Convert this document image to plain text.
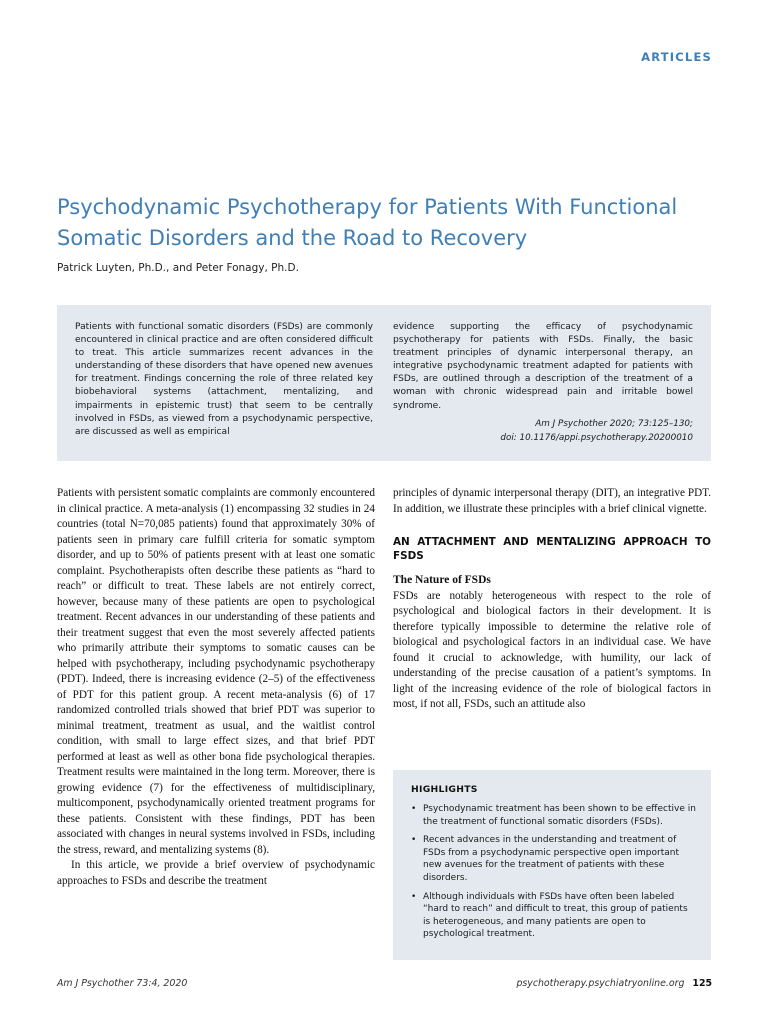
ARTICLES
Psychodynamic Psychotherapy for Patients With Functional Somatic Disorders and the Road to Recovery
Patrick Luyten, Ph.D., and Peter Fonagy, Ph.D.

Patients with functional somatic disorders (FSDs) are commonly encountered in clinical practice and are often considered difficult to treat. This article summarizes recent advances in the understanding of these disorders that have opened new avenues for treatment. Findings concerning the role of three related key biobehavioral systems (attachment, mentalizing, and impairments in epistemic trust) that seem to be centrally involved in FSDs, as viewed from a psychodynamic perspective, are discussed as well as empirical

evidence supporting the efficacy of psychodynamic psychotherapy for patients with FSDs. Finally, the basic treatment principles of dynamic interpersonal therapy, an integrative psychodynamic treatment adapted for patients with FSDs, are outlined through a description of the treatment of a woman with chronic widespread pain and irritable bowel syndrome.

Am J Psychother 2020; 73:125–130;
doi: 10.1176/appi.psychotherapy.20200010

Patients with persistent somatic complaints are commonly encountered in clinical practice. A meta-analysis (1) encompassing 32 studies in 24 countries (total N=70,085 patients) found that approximately 30% of patients seen in primary care fulfill criteria for somatic symptom disorder, and up to 50% of patients present with at least one somatic complaint. Psychotherapists often describe these patients as “hard to reach” or difficult to treat. These labels are not entirely correct, however, because many of these patients are open to psychological treatment. Recent advances in our understanding of these patients and their treatment suggest that even the most severely affected patients who primarily attribute their symptoms to somatic causes can be helped with psychotherapy, including psychodynamic psychotherapy (PDT). Indeed, there is increasing evidence (2–5) of the effectiveness of PDT for this patient group. A recent meta-analysis (6) of 17 randomized controlled trials showed that brief PDT was superior to minimal treatment, treatment as usual, and the waitlist control condition, with small to large effect sizes, and that brief PDT performed at least as well as other bona fide psychological therapies. Treatment results were maintained in the long term. Moreover, there is growing evidence (7) for the effectiveness of multidisciplinary, multicomponent, psychodynamically oriented treatment programs for these patients. Consistent with these findings, PDT has been associated with changes in neural systems involved in FSDs, including the stress, reward, and mentalizing systems (8).

In this article, we provide a brief overview of psychodynamic approaches to FSDs and describe the treatment

principles of dynamic interpersonal therapy (DIT), an integrative PDT. In addition, we illustrate these principles with a brief clinical vignette.

AN ATTACHMENT AND MENTALIZING APPROACH TO FSDS
The Nature of FSDs

FSDs are notably heterogeneous with respect to the role of psychological and biological factors in their development. It is therefore typically impossible to determine the relative role of biological and psychological factors in an individual case. We have found it crucial to acknowledge, with humility, our lack of understanding of the precise causation of a patient’s symptoms. In light of the increasing evidence of the role of biological factors in most, if not all, FSDs, such an attitude also

HIGHLIGHTS
• Psychodynamic treatment has been shown to be effective in the treatment of functional somatic disorders (FSDs).
• Recent advances in the understanding and treatment of FSDs from a psychodynamic perspective open important new avenues for the treatment of patients with these disorders.
• Although individuals with FSDs have often been labeled “hard to reach” and difficult to treat, this group of patients is heterogeneous, and many patients are open to psychological treatment.
Am J Psychother 73:4, 2020	psychotherapy.psychiatryonline.org 125
